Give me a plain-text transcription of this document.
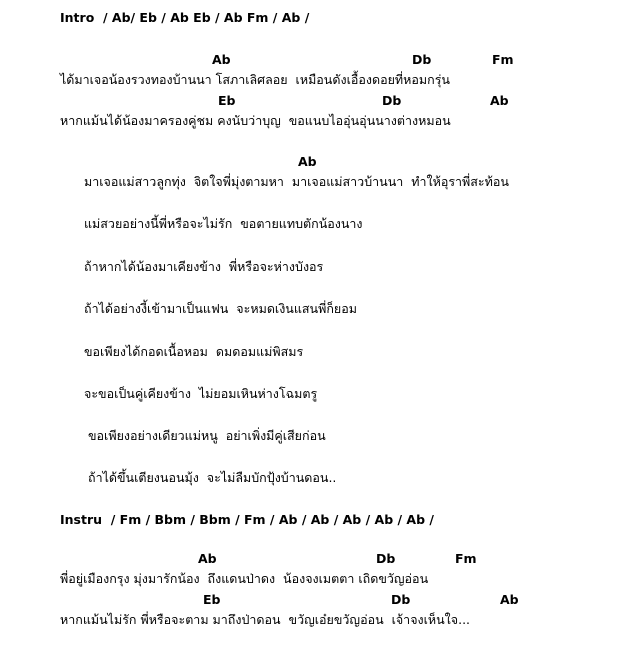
Intro  / Ab/ Eb / Ab Eb / Ab Fm / Ab /
Ab	Db	Fm
ได้มาเจอน้องรวงทองบ้านนา โสภาเลิศลอย  เหมือนดังเอื้องดอยที่หอมกรุ่น
Eb	Db	Ab
หากแม้นได้น้องมาครองคู่ชม คงนับว่าบุญ  ขอแนบไออุ่นอุ่นนางต่างหมอน
Ab
มาเจอแม่สาวลูกทุ่ง  จิตใจพี่มุ่งตามหา  มาเจอแม่สาวบ้านนา  ทำให้อุราพี่สะท้อน
แม่สวยอย่างนี้พี่หรือจะไม่รัก  ขอตายแทบตักน้องนาง
ถ้าหากได้น้องมาเคียงข้าง  พี่หรือจะห่างบังอร
ถ้าได้อย่างงี้เข้ามาเป็นแฟน  จะหมดเงินแสนพี่ก็ยอม
ขอเพียงได้กอดเนื้อหอม  ดมดอมแม่พิสมร
จะขอเป็นคู่เคียงข้าง  ไม่ยอมเหินห่างโฉมตรู
ขอเพียงอย่างเดียวแม่หนู  อย่าเพิ่งมีคู่เสียก่อน
ถ้าได้ขึ้นเตียงนอนมุ้ง  จะไม่ลืมบักปุ้งบ้านดอน..
Instru  / Fm / Bbm / Bbm / Fm / Ab / Ab / Ab / Ab / Ab /
Ab	Db	Fm
พี่อยู่เมืองกรุง มุ่งมารักน้อง  ถึงแดนป่าดง  น้องจงเมตตา เถิดขวัญอ่อน
Eb	Db	Ab
หากแม้นไม่รัก พี่หรือจะตาม มาถึงป่าดอน  ขวัญเอ๋ยขวัญอ่อน  เจ้าจงเห็นใจ...
